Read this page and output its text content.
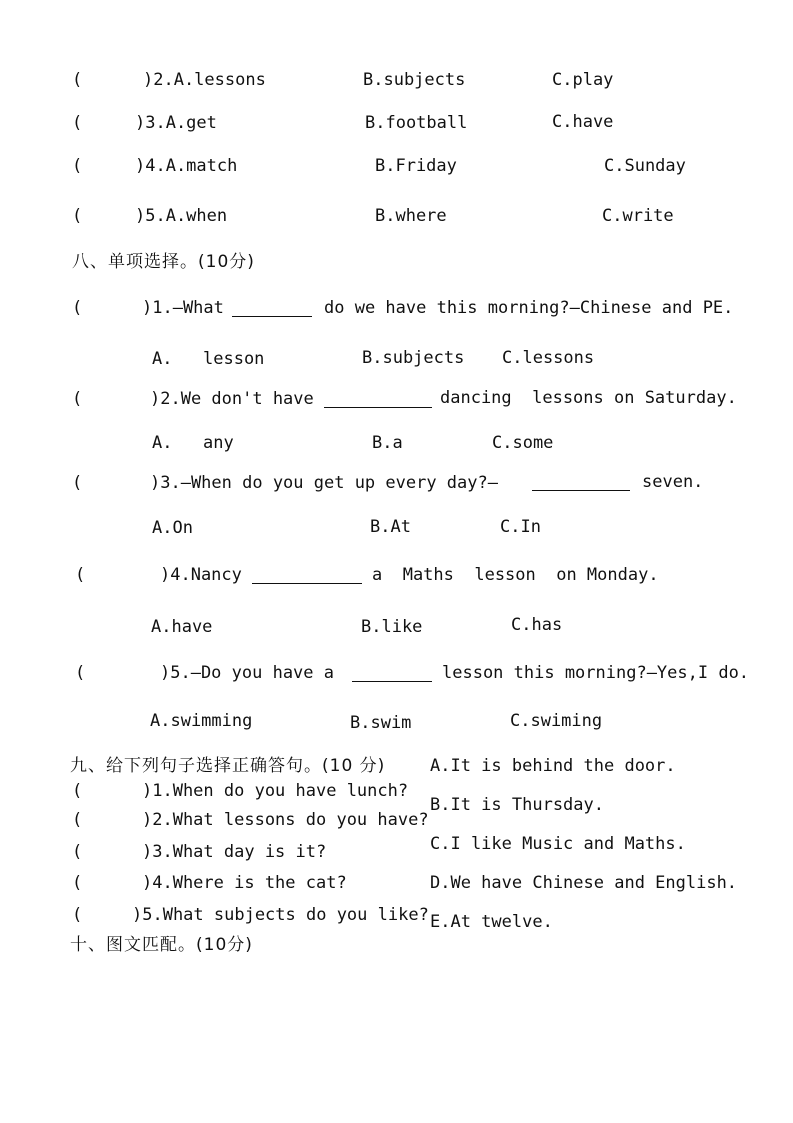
(	)2.A.lessons	B.subjects	C.play
(	)3.A.get	B.football	C.have
(	)4.A.match	B.Friday	C.Sunday
(	)5.A.when	B.where	C.write
八、单项选择。(10分)
(	)1.—What	do we have this morning?—Chinese and PE.
A. lesson	B.subjects C.lessons
(	)2.We don't have	dancing  lessons on Saturday.
A. any	B.a	C.some
(	)3.—When do you get up every day?—	seven.
A.On	B.At	C.In
(	)4.Nancy	a  Maths  lesson  on Monday.
A.have	B.like	C.has
(	)5.—Do you have a	lesson this morning?—Yes,I do.
A.swimming	B.swim	C.swiming
九、给下列句子选择正确答句。(10 分)
(	)1.When do you have lunch?
(	)2.What lessons do you have?
(	)3.What day is it?
(	)4.Where is the cat?
(	)5.What subjects do you like?
A.It is behind the door.
B.It is Thursday.
C.I like Music and Maths.
D.We have Chinese and English.
E.At twelve.
十、图文匹配。(10分)
